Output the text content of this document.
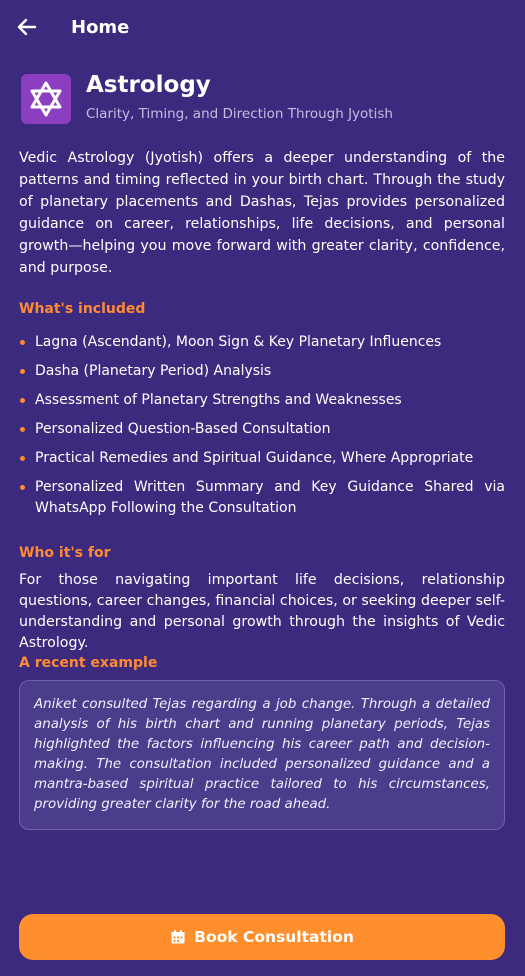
Home
Astrology
Clarity, Timing, and Direction Through Jyotish
Vedic Astrology (Jyotish) offers a deeper understanding of the patterns and timing reflected in your birth chart. Through the study of planetary placements and Dashas, Tejas provides personalized guidance on career, relationships, life decisions, and personal growth—helping you move forward with greater clarity, confidence, and purpose.
What's included
Lagna (Ascendant), Moon Sign & Key Planetary Influences
Dasha (Planetary Period) Analysis
Assessment of Planetary Strengths and Weaknesses
Personalized Question-Based Consultation
Practical Remedies and Spiritual Guidance, Where Appropriate
Personalized Written Summary and Key Guidance Shared via WhatsApp Following the Consultation
Who it's for
For those navigating important life decisions, relationship questions, career changes, financial choices, or seeking deeper self-understanding and personal growth through the insights of Vedic Astrology.
A recent example
Aniket consulted Tejas regarding a job change. Through a detailed analysis of his birth chart and running planetary periods, Tejas highlighted the factors influencing his career path and decision-making. The consultation included personalized guidance and a mantra-based spiritual practice tailored to his circumstances, providing greater clarity for the road ahead.
Book Consultation
